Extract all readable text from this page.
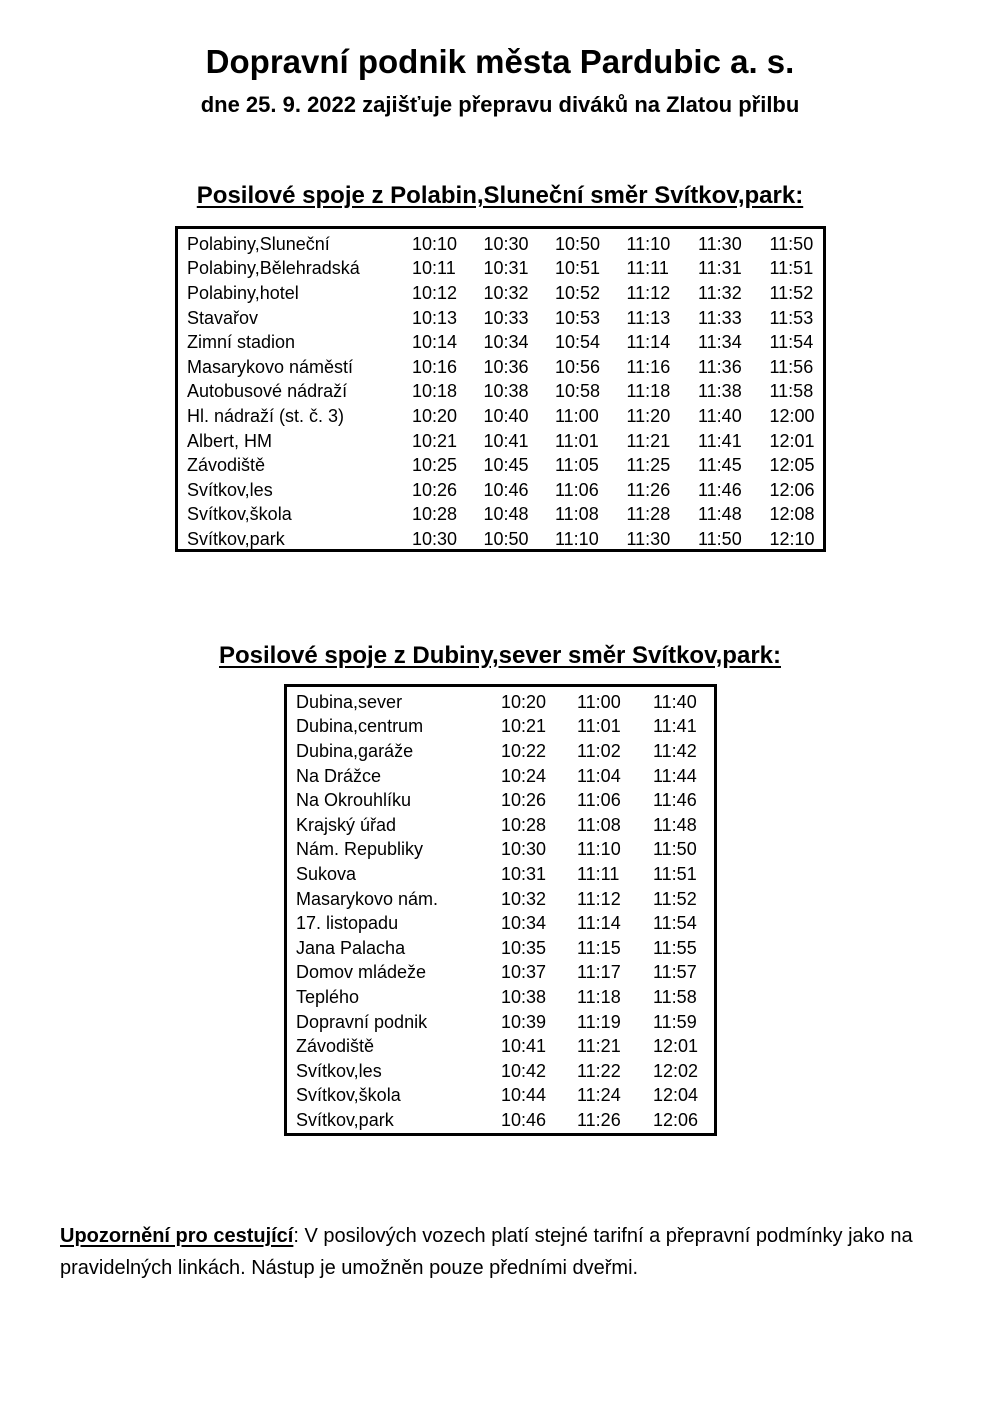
Dopravní podnik města Pardubic a. s.
dne 25. 9. 2022 zajišťuje přepravu diváků na Zlatou přilbu
Posilové spoje z Polabin,Sluneční směr Svítkov,park:
Polabiny,Sluneční	10:10	10:30	10:50	11:10	11:30	11:50
Polabiny,Bělehradská	10:11	10:31	10:51	11:11	11:31	11:51
Polabiny,hotel	10:12	10:32	10:52	11:12	11:32	11:52
Stavařov	10:13	10:33	10:53	11:13	11:33	11:53
Zimní stadion	10:14	10:34	10:54	11:14	11:34	11:54
Masarykovo náměstí	10:16	10:36	10:56	11:16	11:36	11:56
Autobusové nádraží	10:18	10:38	10:58	11:18	11:38	11:58
Hl. nádraží (st. č. 3)	10:20	10:40	11:00	11:20	11:40	12:00
Albert, HM	10:21	10:41	11:01	11:21	11:41	12:01
Závodiště	10:25	10:45	11:05	11:25	11:45	12:05
Svítkov,les	10:26	10:46	11:06	11:26	11:46	12:06
Svítkov,škola	10:28	10:48	11:08	11:28	11:48	12:08
Svítkov,park	10:30	10:50	11:10	11:30	11:50	12:10
Posilové spoje z Dubiny,sever směr Svítkov,park:
Dubina,sever	10:20	11:00	11:40
Dubina,centrum	10:21	11:01	11:41
Dubina,garáže	10:22	11:02	11:42
Na Drážce	10:24	11:04	11:44
Na Okrouhlíku	10:26	11:06	11:46
Krajský úřad	10:28	11:08	11:48
Nám. Republiky	10:30	11:10	11:50
Sukova	10:31	11:11	11:51
Masarykovo nám.	10:32	11:12	11:52
17. listopadu	10:34	11:14	11:54
Jana Palacha	10:35	11:15	11:55
Domov mládeže	10:37	11:17	11:57
Teplého	10:38	11:18	11:58
Dopravní podnik	10:39	11:19	11:59
Závodiště	10:41	11:21	12:01
Svítkov,les	10:42	11:22	12:02
Svítkov,škola	10:44	11:24	12:04
Svítkov,park	10:46	11:26	12:06
Upozornění pro cestující: V posilových vozech platí stejné tarifní a přepravní podmínky jako na pravidelných linkách. Nástup je umožněn pouze předními dveřmi.
